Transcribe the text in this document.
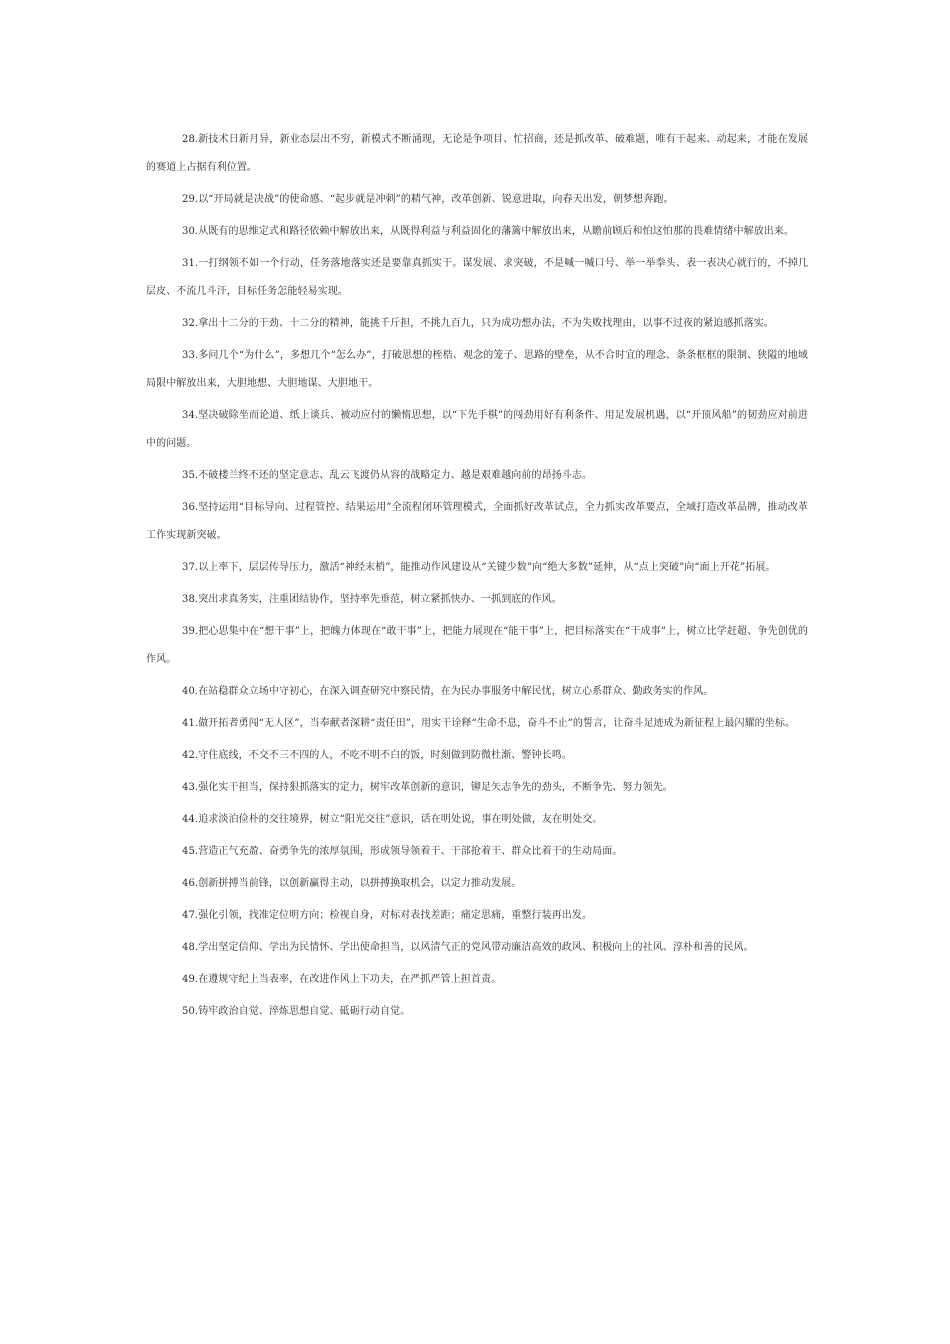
28.新技术日新月异，新业态层出不穷，新模式不断涌现，无论是争项目、忙招商，还是抓改革、破难题，唯有干起来、动起来，才能在发展的赛道上占据有利位置。

29.以“开局就是决战”的使命感、“起步就是冲刺”的精气神，改革创新、锐意进取，向春天出发，朝梦想奔跑。

30.从既有的思维定式和路径依赖中解放出来，从既得利益与利益固化的藩篱中解放出来，从瞻前顾后和怕这怕那的畏难情绪中解放出来。

31.一打纲领不如一个行动，任务落地落实还是要靠真抓实干。谋发展、求突破，不是喊一喊口号、举一举拳头、表一表决心就行的，不掉几层皮、不流几斗汗，目标任务怎能轻易实现。

32.拿出十二分的干劲、十二分的精神，能挑千斤担，不挑九百九，只为成功想办法，不为失败找理由，以事不过夜的紧迫感抓落实。

33.多问几个“为什么”，多想几个“怎么办”，打破思想的桎梏、观念的笼子、思路的壁垒，从不合时宜的理念、条条框框的限制、狭隘的地域局限中解放出来，大胆地想、大胆地谋、大胆地干。

34.坚决破除坐而论道、纸上谈兵、被动应付的懒惰思想，以“下先手棋”的闯劲用好有利条件、用足发展机遇，以“开顶风船”的韧劲应对前进中的问题。

35.不破楼兰终不还的坚定意志、乱云飞渡仍从容的战略定力、越是艰难越向前的昂扬斗志。

36.坚持运用“目标导向、过程管控、结果运用”全流程闭环管理模式，全面抓好改革试点，全力抓实改革要点，全域打造改革品牌，推动改革工作实现新突破。

37.以上率下，层层传导压力，激活“神经末梢”，能推动作风建设从“关键少数”向“绝大多数”延伸，从“点上突破”向“面上开花”拓展。

38.突出求真务实，注重团结协作，坚持率先垂范，树立紧抓快办、一抓到底的作风。

39.把心思集中在“想干事”上，把魄力体现在“敢干事”上，把能力展现在“能干事”上，把目标落实在“干成事”上，树立比学赶超、争先创优的作风。

40.在站稳群众立场中守初心，在深入调查研究中察民情，在为民办事服务中解民忧，树立心系群众、勤政务实的作风。

41.做开拓者勇闯“无人区”，当奉献者深耕“责任田”，用实干诠释“生命不息，奋斗不止”的誓言，让奋斗足迹成为新征程上最闪耀的坐标。

42.守住底线，不交不三不四的人，不吃不明不白的饭，时刻做到防微杜渐、警钟长鸣。

43.强化实干担当，保持狠抓落实的定力，树牢改革创新的意识，铆足矢志争先的劲头，不断争先、努力领先。

44.追求淡泊俭朴的交往境界，树立“阳光交往”意识，话在明处说，事在明处做，友在明处交。

45.营造正气充盈、奋勇争先的浓厚氛围，形成领导领着干、干部抢着干、群众比着干的生动局面。

46.创新拼搏当前锋，以创新赢得主动，以拼搏换取机会，以定力推动发展。

47.强化引领，找准定位明方向；检视自身，对标对表找差距；痛定思痛，重整行装再出发。

48.学出坚定信仰、学出为民情怀、学出使命担当，以风清气正的党风带动廉洁高效的政风、积极向上的社风、淳朴和善的民风。

49.在遵规守纪上当表率，在改进作风上下功夫，在严抓严管上担首责。

50.铸牢政治自觉、淬炼思想自觉、砥砺行动自觉。
